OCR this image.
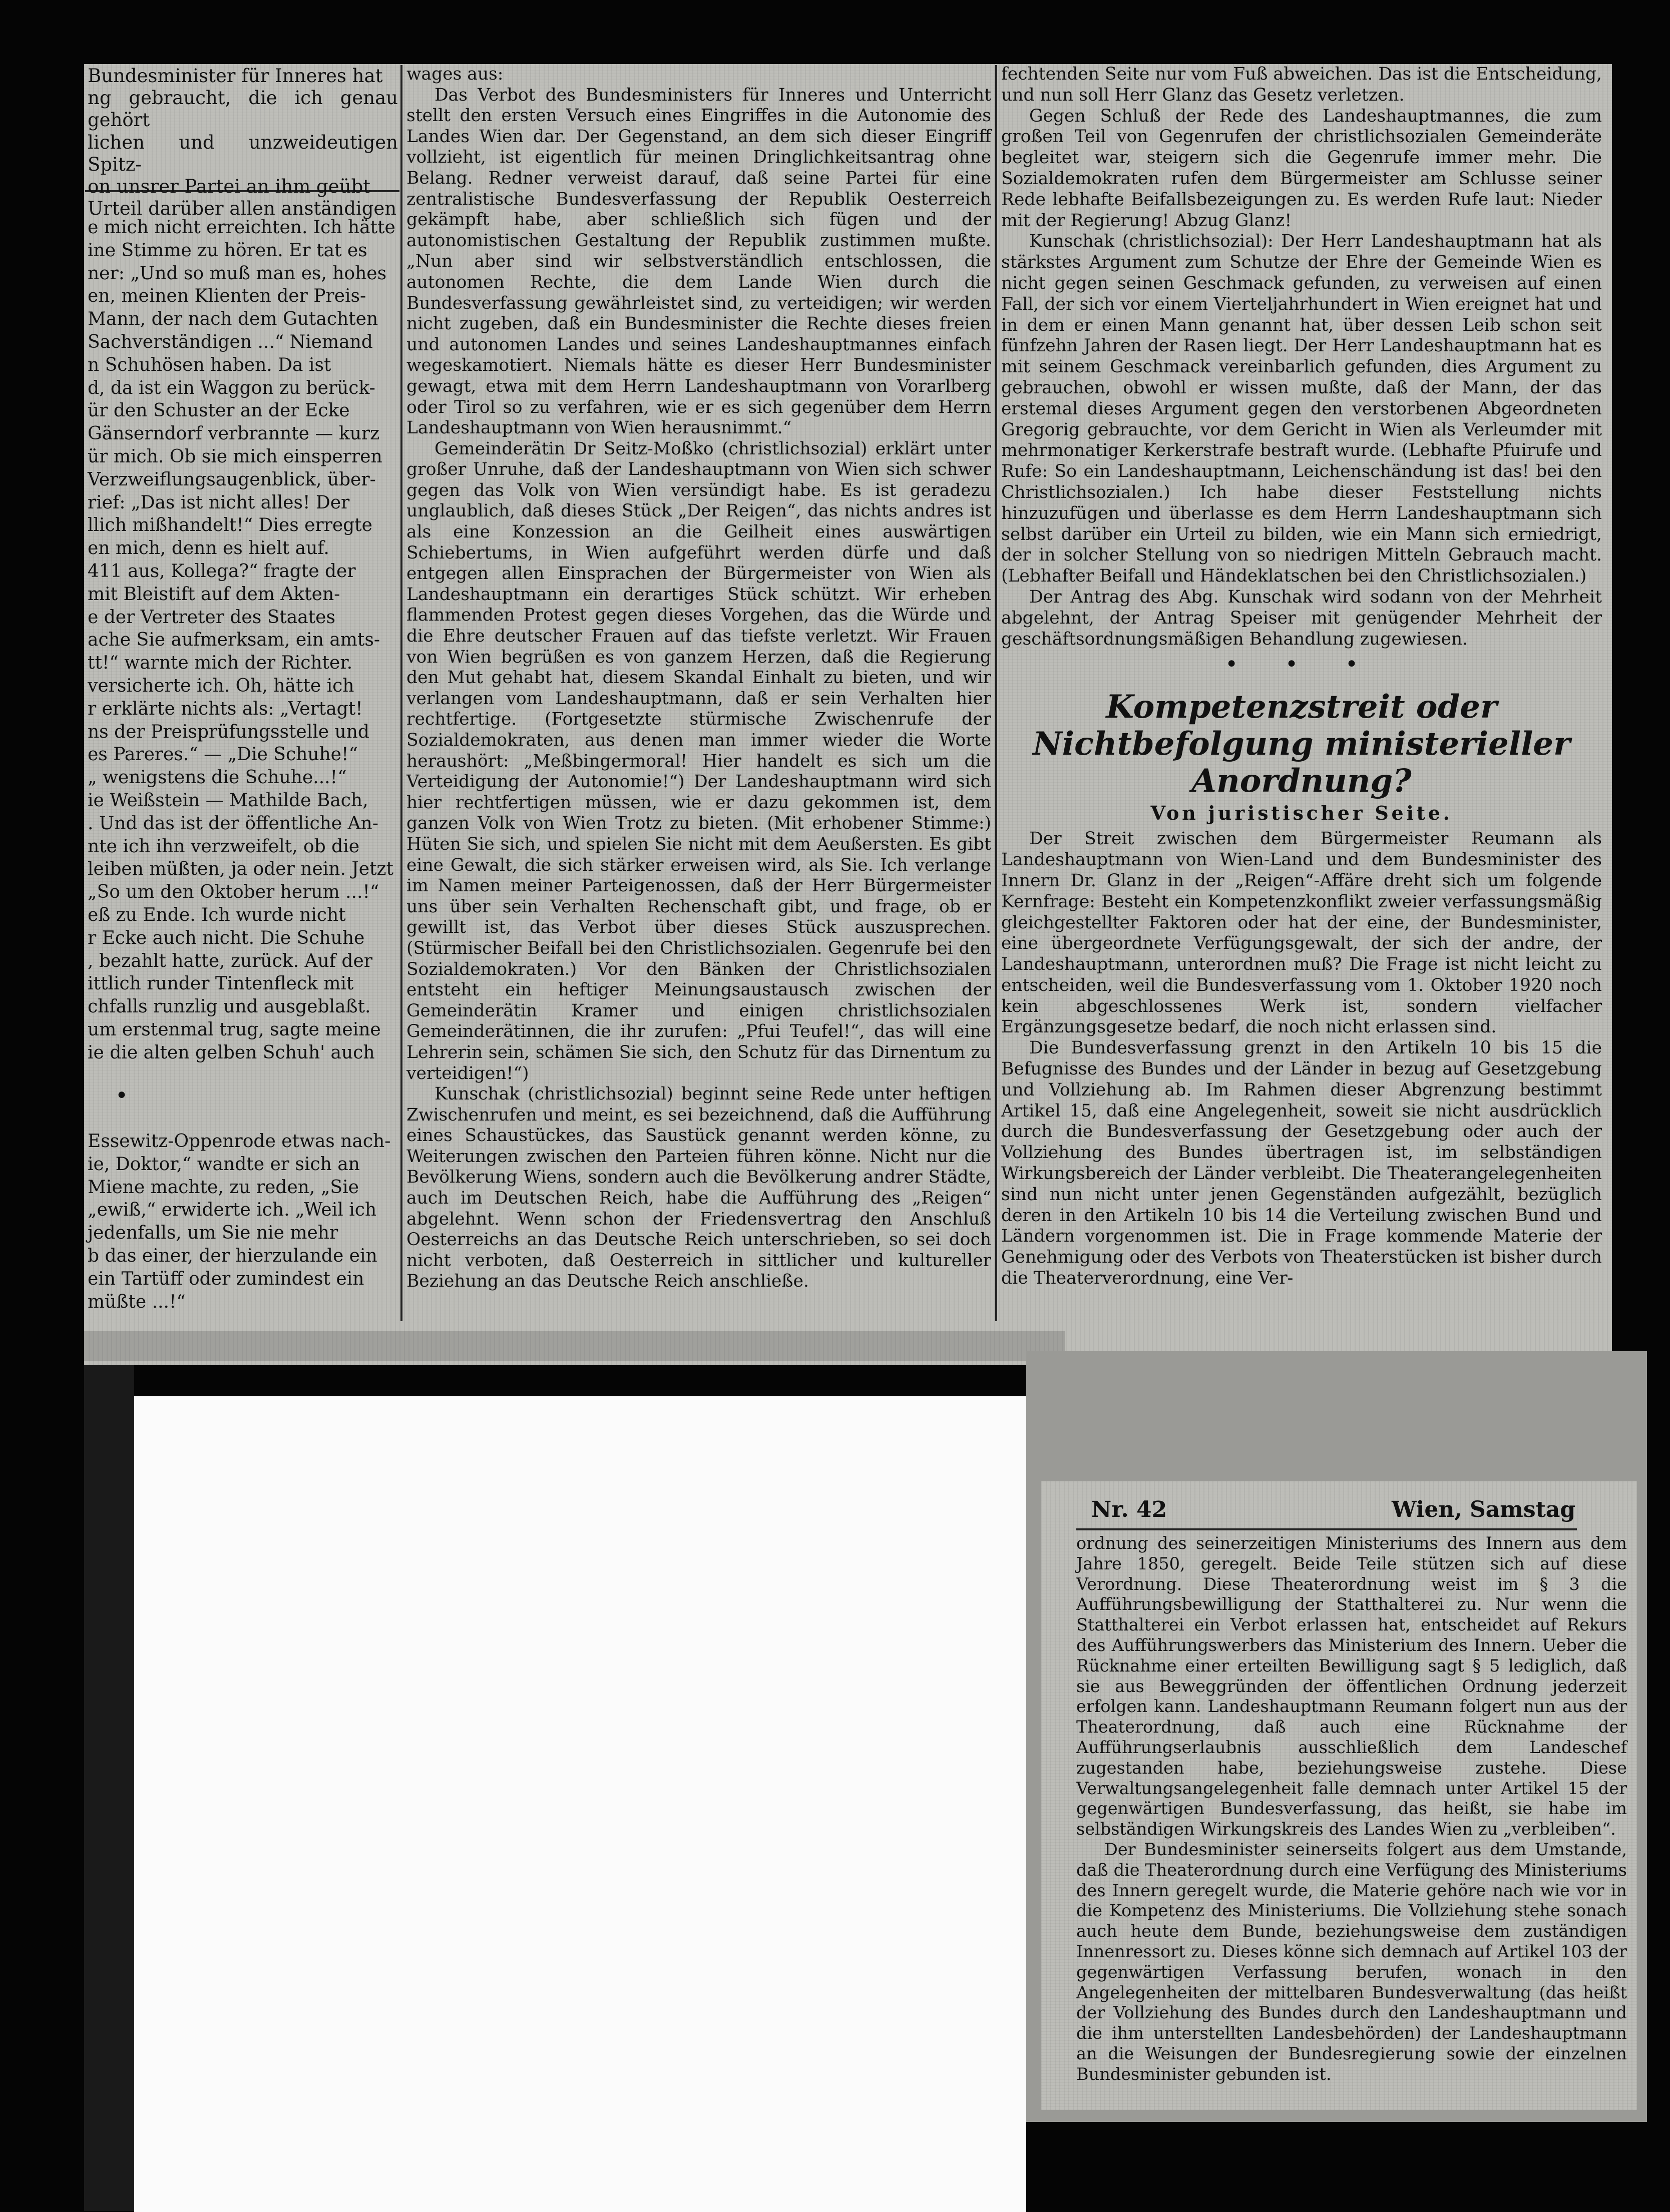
Bundesminister für Inneres hat

ng gebraucht, die ich genau gehört

lichen und unzweideutigen Spitz-

on unsrer Partei an ihm geübt

Urteil darüber allen anständigen

e mich nicht erreichten. Ich hätte

ine Stimme zu hören. Er tat es

ner: „Und so muß man es, hohes

en, meinen Klienten der Preis-

Mann, der nach dem Gutachten

Sachverständigen ...“ Niemand

n Schuhösen haben. Da ist

d, da ist ein Waggon zu berück-

ür den Schuster an der Ecke

Gänserndorf verbrannte — kurz

ür mich. Ob sie mich einsperren

Verzweiflungsaugenblick, über-

rief: „Das ist nicht alles! Der

llich mißhandelt!“ Dies erregte

en mich, denn es hielt auf.

411 aus, Kollega?“ fragte der

mit Bleistift auf dem Akten-

e der Vertreter des Staates

ache Sie aufmerksam, ein amts-

tt!“ warnte mich der Richter.

versicherte ich. Oh, hätte ich

r erklärte nichts als: „Vertagt!

ns der Preisprüfungsstelle und

es Pareres.“ — „Die Schuhe!“

„ wenigstens die Schuhe...!“

ie Weißstein — Mathilde Bach,

. Und das ist der öffentliche An-

nte ich ihn verzweifelt, ob die

leiben müßten, ja oder nein. Jetzt

„So um den Oktober herum ...!“

eß zu Ende. Ich wurde nicht

r Ecke auch nicht. Die Schuhe

, bezahlt hatte, zurück. Auf der

ittlich runder Tintenfleck mit

chfalls runzlig und ausgeblaßt.

um erstenmal trug, sagte meine

ie die alten gelben Schuh' auch

•

Essewitz-Oppenrode etwas nach-

ie, Doktor,“ wandte er sich an

Miene machte, zu reden, „Sie

„ewiß,“ erwiderte ich. „Weil ich

jedenfalls, um Sie nie mehr

b das einer, der hierzulande ein

ein Tartüff oder zumindest ein

müßte ...!“

wages aus:

Das Verbot des Bundesministers für Inneres und Unterricht stellt den ersten Versuch eines Eingriffes in die Autonomie des Landes Wien dar. Der Gegenstand, an dem sich dieser Eingriff vollzieht, ist eigentlich für meinen Dringlichkeitsantrag ohne Belang. Redner verweist darauf, daß seine Partei für eine zentralistische Bundesverfassung der Republik Oesterreich gekämpft habe, aber schließlich sich fügen und der autonomistischen Gestaltung der Republik zustimmen mußte. „Nun aber sind wir selbstverständlich entschlossen, die autonomen Rechte, die dem Lande Wien durch die Bundesverfassung gewährleistet sind, zu verteidigen; wir werden nicht zugeben, daß ein Bundesminister die Rechte dieses freien und autonomen Landes und seines Landeshauptmannes einfach wegeskamotiert. Niemals hätte es dieser Herr Bundesminister gewagt, etwa mit dem Herrn Landeshauptmann von Vorarlberg oder Tirol so zu verfahren, wie er es sich gegenüber dem Herrn Landeshauptmann von Wien herausnimmt.“

Gemeinderätin Dr Seitz-Moßko (christlichsozial) erklärt unter großer Unruhe, daß der Landeshauptmann von Wien sich schwer gegen das Volk von Wien versündigt habe. Es ist geradezu unglaublich, daß dieses Stück „Der Reigen“, das nichts andres ist als eine Konzession an die Geilheit eines auswärtigen Schiebertums, in Wien aufgeführt werden dürfe und daß entgegen allen Einsprachen der Bürgermeister von Wien als Landeshauptmann ein derartiges Stück schützt. Wir erheben flammenden Protest gegen dieses Vorgehen, das die Würde und die Ehre deutscher Frauen auf das tiefste verletzt. Wir Frauen von Wien begrüßen es von ganzem Herzen, daß die Regierung den Mut gehabt hat, diesem Skandal Einhalt zu bieten, und wir verlangen vom Landeshauptmann, daß er sein Verhalten hier rechtfertige. (Fortgesetzte stürmische Zwischenrufe der Sozialdemokraten, aus denen man immer wieder die Worte heraushört: „Meßbingermoral! Hier handelt es sich um die Verteidigung der Autonomie!“) Der Landeshauptmann wird sich hier rechtfertigen müssen, wie er dazu gekommen ist, dem ganzen Volk von Wien Trotz zu bieten. (Mit erhobener Stimme:) Hüten Sie sich, und spielen Sie nicht mit dem Aeußersten. Es gibt eine Gewalt, die sich stärker erweisen wird, als Sie. Ich verlange im Namen meiner Parteigenossen, daß der Herr Bürgermeister uns über sein Verhalten Rechenschaft gibt, und frage, ob er gewillt ist, das Verbot über dieses Stück auszusprechen. (Stürmischer Beifall bei den Christlichsozialen. Gegenrufe bei den Sozialdemokraten.) Vor den Bänken der Christlichsozialen entsteht ein heftiger Meinungsaustausch zwischen der Gemeinderätin Kramer und einigen christlichsozialen Gemeinderätinnen, die ihr zurufen: „Pfui Teufel!“, das will eine Lehrerin sein, schämen Sie sich, den Schutz für das Dirnentum zu verteidigen!“)

Kunschak (christlichsozial) beginnt seine Rede unter heftigen Zwischenrufen und meint, es sei bezeichnend, daß die Aufführung eines Schaustückes, das Saustück genannt werden könne, zu Weiterungen zwischen den Parteien führen könne. Nicht nur die Bevölkerung Wiens, sondern auch die Bevölkerung andrer Städte, auch im Deutschen Reich, habe die Aufführung des „Reigen“ abgelehnt. Wenn schon der Friedensvertrag den Anschluß Oesterreichs an das Deutsche Reich unterschrieben, so sei doch nicht verboten, daß Oesterreich in sittlicher und kultureller Beziehung an das Deutsche Reich anschließe.

fechtenden Seite nur vom Fuß abweichen. Das ist die Entscheidung, und nun soll Herr Glanz das Gesetz verletzen.

Gegen Schluß der Rede des Landeshauptmannes, die zum großen Teil von Gegenrufen der christlichsozialen Gemeinderäte begleitet war, steigern sich die Gegenrufe immer mehr. Die Sozialdemokraten rufen dem Bürgermeister am Schlusse seiner Rede lebhafte Beifallsbezeigungen zu. Es werden Rufe laut: Nieder mit der Regierung! Abzug Glanz!

Kunschak (christlichsozial): Der Herr Landeshauptmann hat als stärkstes Argument zum Schutze der Ehre der Gemeinde Wien es nicht gegen seinen Geschmack gefunden, zu verweisen auf einen Fall, der sich vor einem Vierteljahrhundert in Wien ereignet hat und in dem er einen Mann genannt hat, über dessen Leib schon seit fünfzehn Jahren der Rasen liegt. Der Herr Landeshauptmann hat es mit seinem Geschmack vereinbarlich gefunden, dies Argument zu gebrauchen, obwohl er wissen mußte, daß der Mann, der das erstemal dieses Argument gegen den verstorbenen Abgeordneten Gregorig gebrauchte, vor dem Gericht in Wien als Verleumder mit mehrmonatiger Kerkerstrafe bestraft wurde. (Lebhafte Pfuirufe und Rufe: So ein Landeshauptmann, Leichenschändung ist das! bei den Christlichsozialen.) Ich habe dieser Feststellung nichts hinzuzufügen und überlasse es dem Herrn Landeshauptmann sich selbst darüber ein Urteil zu bilden, wie ein Mann sich erniedrigt, der in solcher Stellung von so niedrigen Mitteln Gebrauch macht. (Lebhafter Beifall und Händeklatschen bei den Christlichsozialen.)

Der Antrag des Abg. Kunschak wird sodann von der Mehrheit abgelehnt, der Antrag Speiser mit genügender Mehrheit der geschäftsordnungsmäßigen Behandlung zugewiesen.

• • •
Kompetenzstreit oder Nichtbefolgung ministerieller Anordnung?
Von juristischer Seite.

Der Streit zwischen dem Bürgermeister Reumann als Landeshauptmann von Wien-Land und dem Bundesminister des Innern Dr. Glanz in der „Reigen“-Affäre dreht sich um folgende Kernfrage: Besteht ein Kompetenzkonflikt zweier verfassungsmäßig gleichgestellter Faktoren oder hat der eine, der Bundesminister, eine übergeordnete Verfügungsgewalt, der sich der andre, der Landeshauptmann, unterordnen muß? Die Frage ist nicht leicht zu entscheiden, weil die Bundesverfassung vom 1. Oktober 1920 noch kein abgeschlossenes Werk ist, sondern vielfacher Ergänzungsgesetze bedarf, die noch nicht erlassen sind.

Die Bundesverfassung grenzt in den Artikeln 10 bis 15 die Befugnisse des Bundes und der Länder in bezug auf Gesetzgebung und Vollziehung ab. Im Rahmen dieser Abgrenzung bestimmt Artikel 15, daß eine Angelegenheit, soweit sie nicht ausdrücklich durch die Bundesverfassung der Gesetzgebung oder auch der Vollziehung des Bundes übertragen ist, im selbständigen Wirkungsbereich der Länder verbleibt. Die Theaterangelegenheiten sind nun nicht unter jenen Gegenständen aufgezählt, bezüglich deren in den Artikeln 10 bis 14 die Verteilung zwischen Bund und Ländern vorgenommen ist. Die in Frage kommende Materie der Genehmigung oder des Verbots von Theaterstücken ist bisher durch die Theaterverordnung, eine Ver-

Nr. 42	Wien, Samstag

ordnung des seinerzeitigen Ministeriums des Innern aus dem Jahre 1850, geregelt. Beide Teile stützen sich auf diese Verordnung. Diese Theaterordnung weist im § 3 die Aufführungsbewilligung der Statthalterei zu. Nur wenn die Statthalterei ein Verbot erlassen hat, entscheidet auf Rekurs des Aufführungswerbers das Ministerium des Innern. Ueber die Rücknahme einer erteilten Bewilligung sagt § 5 lediglich, daß sie aus Beweggründen der öffentlichen Ordnung jederzeit erfolgen kann. Landeshauptmann Reumann folgert nun aus der Theaterordnung, daß auch eine Rücknahme der Aufführungserlaubnis ausschließlich dem Landeschef zugestanden habe, beziehungsweise zustehe. Diese Verwaltungsangelegenheit falle demnach unter Artikel 15 der gegenwärtigen Bundesverfassung, das heißt, sie habe im selbständigen Wirkungskreis des Landes Wien zu „verbleiben“.

Der Bundesminister seinerseits folgert aus dem Umstande, daß die Theaterordnung durch eine Verfügung des Ministeriums des Innern geregelt wurde, die Materie gehöre nach wie vor in die Kompetenz des Ministeriums. Die Vollziehung stehe sonach auch heute dem Bunde, beziehungsweise dem zuständigen Innenressort zu. Dieses könne sich demnach auf Artikel 103 der gegenwärtigen Verfassung berufen, wonach in den Angelegenheiten der mittelbaren Bundesverwaltung (das heißt der Vollziehung des Bundes durch den Landeshauptmann und die ihm unterstellten Landesbehörden) der Landeshauptmann an die Weisungen der Bundesregierung sowie der einzelnen Bundesminister gebunden ist.
